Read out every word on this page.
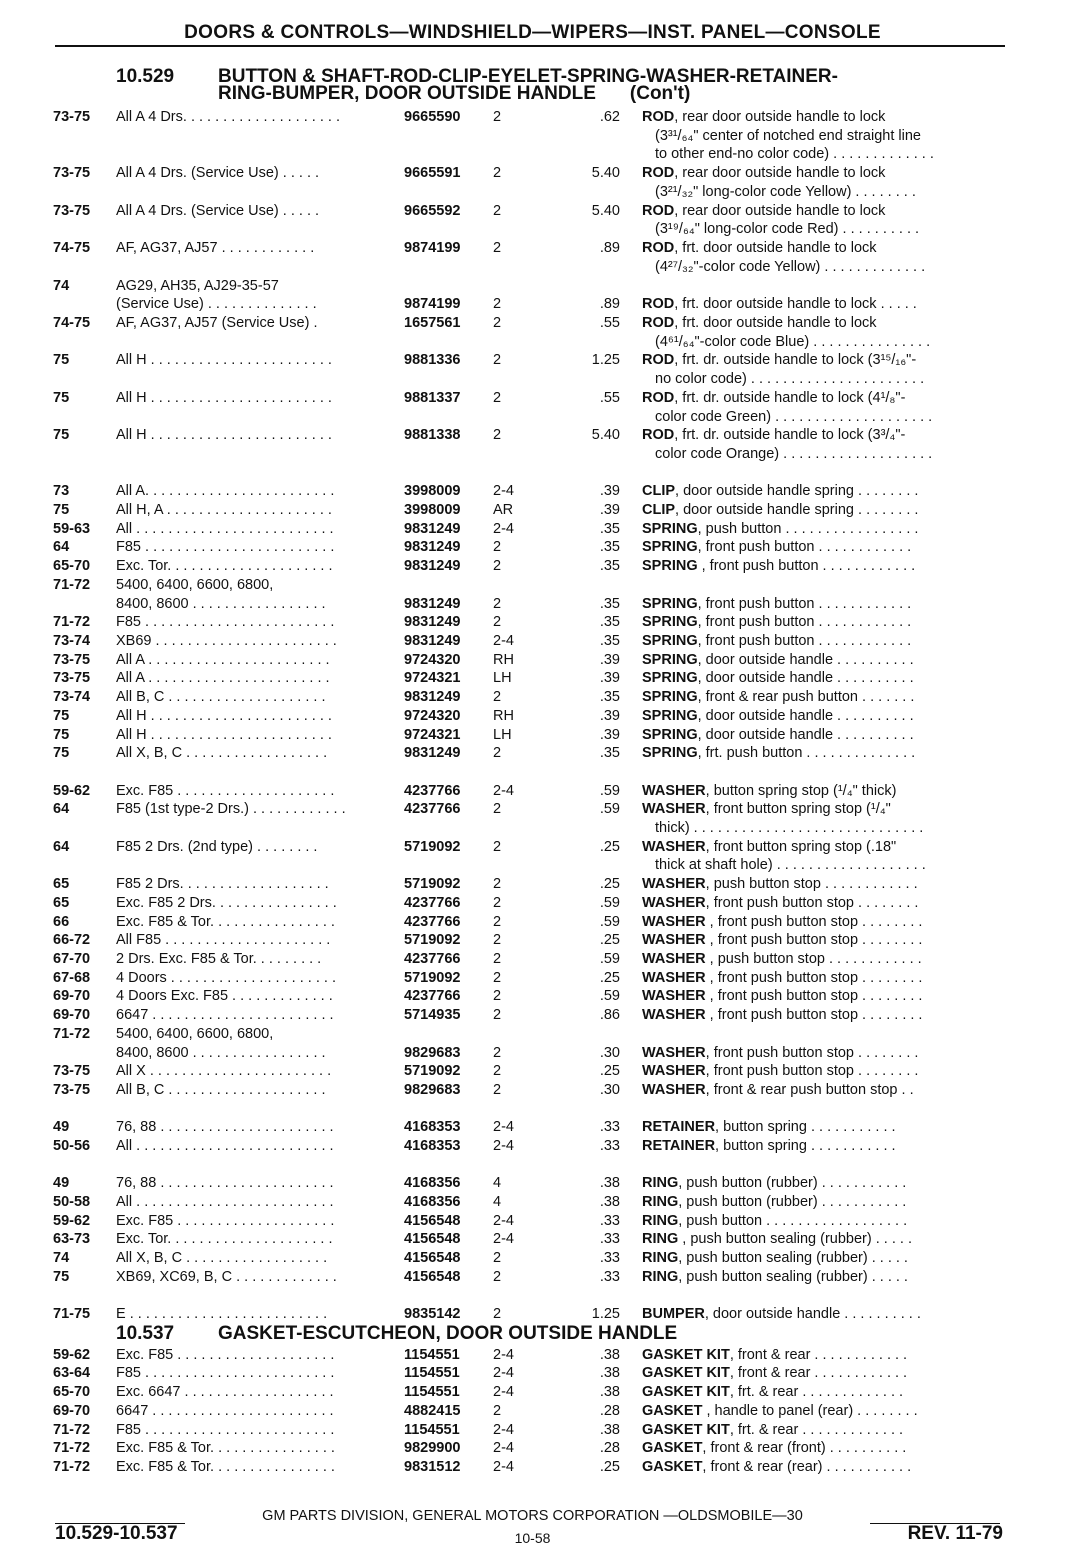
DOORS & CONTROLS—WINDSHIELD—WIPERS—INST. PANEL—CONSOLE
10.529 BUTTON & SHAFT-ROD-CLIP-EYELET-SPRING-WASHER-RETAINER-
RING-BUMPER, DOOR OUTSIDE HANDLE (Con't)
73-75 All A 4 Drs. . . . . . . . . . . . . . . . . . . .	9665590 2	.62 ROD, rear door outside handle to lock
(3³¹/₆₄" center of notched end straight line
to other end-no color code) . . . . . . . . . . . . .
73-75 All A 4 Drs. (Service Use) . . . . .	9665591 2	5.40 ROD, rear door outside handle to lock
(3²¹/₃₂" long-color code Yellow) . . . . . . . .
73-75 All A 4 Drs. (Service Use) . . . . .	9665592 2	5.40 ROD, rear door outside handle to lock
(3¹⁹/₆₄" long-color code Red) . . . . . . . . . .
74-75 AF, AG37, AJ57 . . . . . . . . . . . .	9874199 2	.89 ROD, frt. door outside handle to lock
(4²⁷/₃₂"-color code Yellow) . . . . . . . . . . . . .
74	AG29, AH35, AJ29-35-57
(Service Use) . . . . . . . . . . . . . .	9874199 2	.89 ROD, frt. door outside handle to lock . . . . .
74-75 AF, AG37, AJ57 (Service Use) .	1657561 2	.55 ROD, frt. door outside handle to lock
(4⁶¹/₆₄"-color code Blue) . . . . . . . . . . . . . . .
75	All H . . . . . . . . . . . . . . . . . . . . . . .	9881336 2	1.25 ROD, frt. dr. outside handle to lock (3¹⁵/₁₆"-
no color code) . . . . . . . . . . . . . . . . . . . . . .
75	All H . . . . . . . . . . . . . . . . . . . . . . .	9881337 2	.55 ROD, frt. dr. outside handle to lock (4¹/₈"-
color code Green) . . . . . . . . . . . . . . . . . . . .
75	All H . . . . . . . . . . . . . . . . . . . . . . .	9881338 2	5.40 ROD, frt. dr. outside handle to lock (3³/₄"-
color code Orange) . . . . . . . . . . . . . . . . . . .
73	All A. . . . . . . . . . . . . . . . . . . . . . . .	3998009 2-4	.39 CLIP, door outside handle spring . . . . . . . .
75	All H, A . . . . . . . . . . . . . . . . . . . . .	3998009 AR	.39 CLIP, door outside handle spring . . . . . . . .
59-63 All . . . . . . . . . . . . . . . . . . . . . . . . .	9831249 2-4	.35 SPRING, push button . . . . . . . . . . . . . . . . .
64	F85 . . . . . . . . . . . . . . . . . . . . . . . .	9831249 2	.35 SPRING, front push button . . . . . . . . . . . .
65-70 Exc. Tor. . . . . . . . . . . . . . . . . . . . .	9831249 2	.35 SPRING , front push button . . . . . . . . . . . .
71-72 5400, 6400, 6600, 6800,
8400, 8600 . . . . . . . . . . . . . . . . .	9831249 2	.35 SPRING, front push button . . . . . . . . . . . .
71-72 F85 . . . . . . . . . . . . . . . . . . . . . . . .	9831249 2	.35 SPRING, front push button . . . . . . . . . . . .
73-74 XB69 . . . . . . . . . . . . . . . . . . . . . . .	9831249 2-4	.35 SPRING, front push button . . . . . . . . . . . .
73-75 All A . . . . . . . . . . . . . . . . . . . . . . .	9724320 RH	.39 SPRING, door outside handle . . . . . . . . . .
73-75 All A . . . . . . . . . . . . . . . . . . . . . . .	9724321 LH	.39 SPRING, door outside handle . . . . . . . . . .
73-74 All B, C . . . . . . . . . . . . . . . . . . . .	9831249 2	.35 SPRING, front & rear push button . . . . . . .
75	All H . . . . . . . . . . . . . . . . . . . . . . .	9724320 RH	.39 SPRING, door outside handle . . . . . . . . . .
75	All H . . . . . . . . . . . . . . . . . . . . . . .	9724321 LH	.39 SPRING, door outside handle . . . . . . . . . .
75	All X, B, C . . . . . . . . . . . . . . . . . .	9831249 2	.35 SPRING, frt. push button . . . . . . . . . . . . . .
59-62 Exc. F85 . . . . . . . . . . . . . . . . . . . .	4237766 2-4	.59 WASHER, button spring stop (¹/₄" thick)
64	F85 (1st type-2 Drs.) . . . . . . . . . . . .	4237766 2	.59 WASHER, front button spring stop (¹/₄"
thick) . . . . . . . . . . . . . . . . . . . . . . . . . . . . .
64	F85 2 Drs. (2nd type) . . . . . . . .	5719092 2	.25 WASHER, front button spring stop (.18"
thick at shaft hole) . . . . . . . . . . . . . . . . . . .
65	F85 2 Drs. . . . . . . . . . . . . . . . . . .	5719092 2	.25 WASHER, push button stop . . . . . . . . . . . .
65	Exc. F85 2 Drs. . . . . . . . . . . . . . . .	4237766 2	.59 WASHER, front push button stop . . . . . . . .
66	Exc. F85 & Tor. . . . . . . . . . . . . . . .	4237766 2	.59 WASHER , front push button stop . . . . . . . .
66-72 All F85 . . . . . . . . . . . . . . . . . . . . .	5719092 2	.25 WASHER , front push button stop . . . . . . . .
67-70 2 Drs. Exc. F85 & Tor. . . . . . . . .	4237766 2	.59 WASHER , push button stop . . . . . . . . . . . .
67-68 4 Doors . . . . . . . . . . . . . . . . . . . . .	5719092 2	.25 WASHER , front push button stop . . . . . . . .
69-70 4 Doors Exc. F85 . . . . . . . . . . . . .	4237766 2	.59 WASHER , front push button stop . . . . . . . .
69-70 6647 . . . . . . . . . . . . . . . . . . . . . . .	5714935 2	.86 WASHER , front push button stop . . . . . . . .
71-72 5400, 6400, 6600, 6800,
8400, 8600 . . . . . . . . . . . . . . . . .	9829683 2	.30 WASHER, front push button stop . . . . . . . .
73-75 All X . . . . . . . . . . . . . . . . . . . . . . .	5719092 2	.25 WASHER, front push button stop . . . . . . . .
73-75 All B, C . . . . . . . . . . . . . . . . . . . .	9829683 2	.30 WASHER, front & rear push button stop . .
49	76, 88 . . . . . . . . . . . . . . . . . . . . . .	4168353 2-4	.33 RETAINER, button spring . . . . . . . . . . .
50-56 All . . . . . . . . . . . . . . . . . . . . . . . . .	4168353 2-4	.33 RETAINER, button spring . . . . . . . . . . .
49	76, 88 . . . . . . . . . . . . . . . . . . . . . .	4168356 4	.38 RING, push button (rubber) . . . . . . . . . . .
50-58 All . . . . . . . . . . . . . . . . . . . . . . . . .	4168356 4	.38 RING, push button (rubber) . . . . . . . . . . .
59-62 Exc. F85 . . . . . . . . . . . . . . . . . . . .	4156548 2-4	.33 RING, push button . . . . . . . . . . . . . . . . . .
63-73 Exc. Tor. . . . . . . . . . . . . . . . . . . . .	4156548 2-4	.33 RING , push button sealing (rubber) . . . . .
74	All X, B, C . . . . . . . . . . . . . . . . . .	4156548 2	.33 RING, push button sealing (rubber) . . . . .
75	XB69, XC69, B, C . . . . . . . . . . . . .	4156548 2	.33 RING, push button sealing (rubber) . . . . .
71-75 E . . . . . . . . . . . . . . . . . . . . . . . . .	9835142 2	1.25 BUMPER, door outside handle . . . . . . . . . .
10.537 GASKET-ESCUTCHEON, DOOR OUTSIDE HANDLE
59-62 Exc. F85 . . . . . . . . . . . . . . . . . . . .	1154551 2-4	.38 GASKET KIT, front & rear . . . . . . . . . . . .
63-64 F85 . . . . . . . . . . . . . . . . . . . . . . . .	1154551 2-4	.38 GASKET KIT, front & rear . . . . . . . . . . . .
65-70 Exc. 6647 . . . . . . . . . . . . . . . . . . .	1154551 2-4	.38 GASKET KIT, frt. & rear . . . . . . . . . . . . .
69-70 6647 . . . . . . . . . . . . . . . . . . . . . . .	4882415 2	.28 GASKET , handle to panel (rear) . . . . . . . .
71-72 F85 . . . . . . . . . . . . . . . . . . . . . . . .	1154551 2-4	.38 GASKET KIT, frt. & rear . . . . . . . . . . . . .
71-72 Exc. F85 & Tor. . . . . . . . . . . . . . . .	9829900 2-4	.28 GASKET, front & rear (front) . . . . . . . . . .
71-72 Exc. F85 & Tor. . . . . . . . . . . . . . . .	9831512 2-4	.25 GASKET, front & rear (rear) . . . . . . . . . . .
GM PARTS DIVISION, GENERAL MOTORS CORPORATION —OLDSMOBILE—30
10.529-10.537	10-58	REV. 11-79
